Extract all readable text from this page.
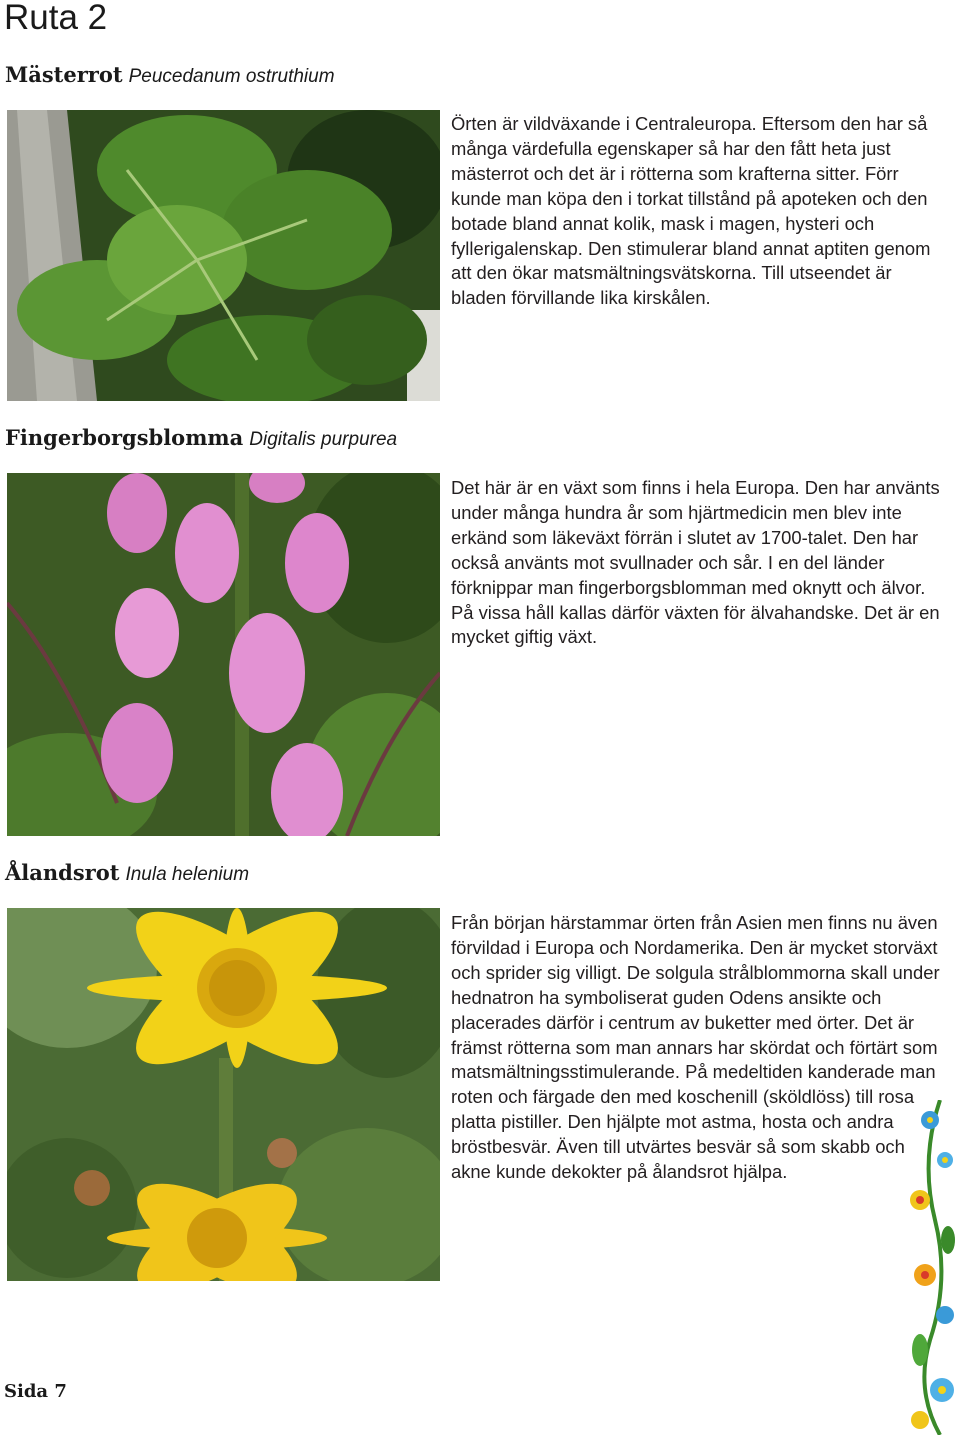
Ruta 2
Mästerrot Peucedanum ostruthium

Örten är vildväxande i Centraleuropa. Eftersom den har så många värdefulla egenskaper så har den fått heta just mästerrot och det är i rötterna som krafterna sitter. Förr kunde man köpa den i torkat tillstånd på apoteken och den botade bland annat kolik, mask i magen, hysteri och fyllerigalenskap. Den stimulerar bland annat aptiten genom att den ökar matsmältningsvätskorna. Till utseendet är bladen förvillande lika kirskålen.

Fingerborgsblomma Digitalis purpurea

Det här är en växt som finns i hela Europa. Den har använts under många hundra år som hjärtmedicin men blev inte erkänd som läkeväxt förrän i slutet av 1700-talet. Den har också använts mot svullnader och sår. I en del länder förknippar man fingerborgsblomman med oknytt och älvor. På vissa håll kallas därför växten för älvahandske. Det är en mycket giftig växt.

Ålandsrot Inula helenium

Från början härstammar örten från Asien men finns nu även förvildad i Europa och Nordamerika. Den är mycket storväxt och sprider sig villigt. De solgula strålblommorna skall under hednatron ha symboliserat guden Odens ansikte och placerades därför i centrum av buketter med örter. Det är främst rötterna som man annars har skördat och förtärt som matsmältningsstimulerande. På medeltiden kanderade man roten och färgade den med koschenill (sköldlöss) till rosa platta pistiller. Den hjälpte mot astma, hosta och andra bröstbesvär. Även till utvärtes besvär så som skabb och akne kunde dekokter på ålandsrot hjälpa.

Sida 7
